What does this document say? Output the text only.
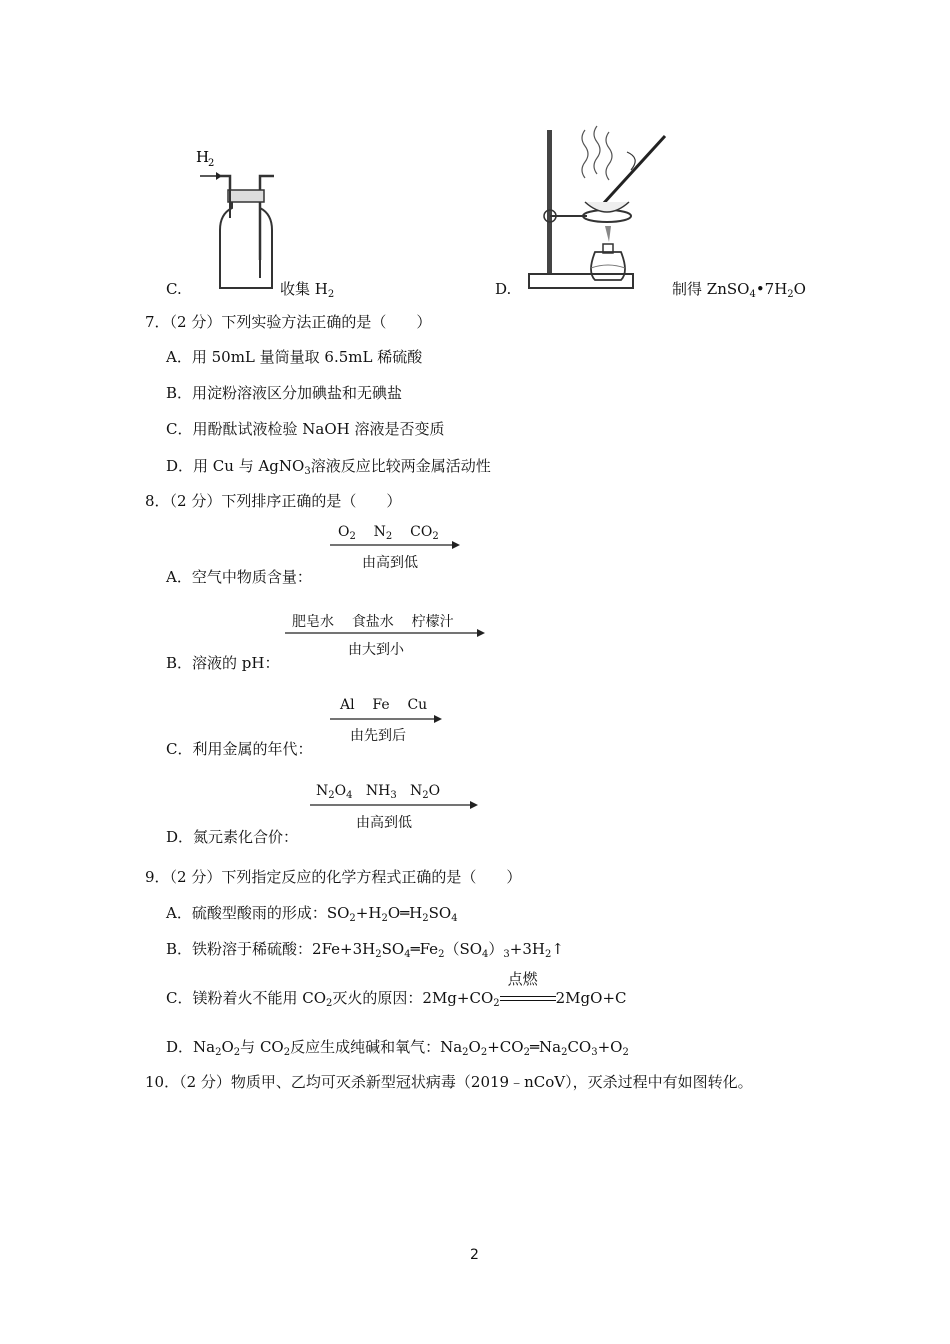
H
2
C.	收集 $H_2$	D.	制得 $ZnSO_4•7H_2O$
7．（2 分）下列实验方法正确的是（　　）
A．用 50mL 量筒量取 6.5mL 稀硫酸
B．用淀粉溶液区分加碘盐和无碘盐
C．用酚酞试液检验 NaOH 溶液是否变质
D．用 Cu 与 AgNO$_3$溶液反应比较两金属活动性
8．（2 分）下列排序正确的是（　　）
$O_2$ $N_2$ $CO_2$
由高到低
A．空气中物质含量：
肥皂水 食盐水 柠檬汁
由大到小
B．溶液的 pH：
Al Fe Cu
由先到后
C．利用金属的年代：
$N_2O_4$ $NH_3$ $N_2O$
由高到低
D．氮元素化合价：
9．（2 分）下列指定反应的化学方程式正确的是（　　）
A．硫酸型酸雨的形成：$SO_2+H_2O═H_2SO_4$
B．铁粉溶于稀硫酸：$2Fe+3H_2SO_4═Fe_2(SO_4)_3+3H_2↑$
C．镁粉着火不能用 $CO_2$灭火的原因：$2Mg+CO_2$
点燃
2MgO+C
D．$Na_2O_2$与 $CO_2$反应生成纯碱和氧气：$Na_2O_2+CO_2═Na_2CO_3+O_2$
10．（2 分）物质甲、乙均可灭杀新型冠状病毒（2019﹣nCoV），灭杀过程中有如图转化。
2
